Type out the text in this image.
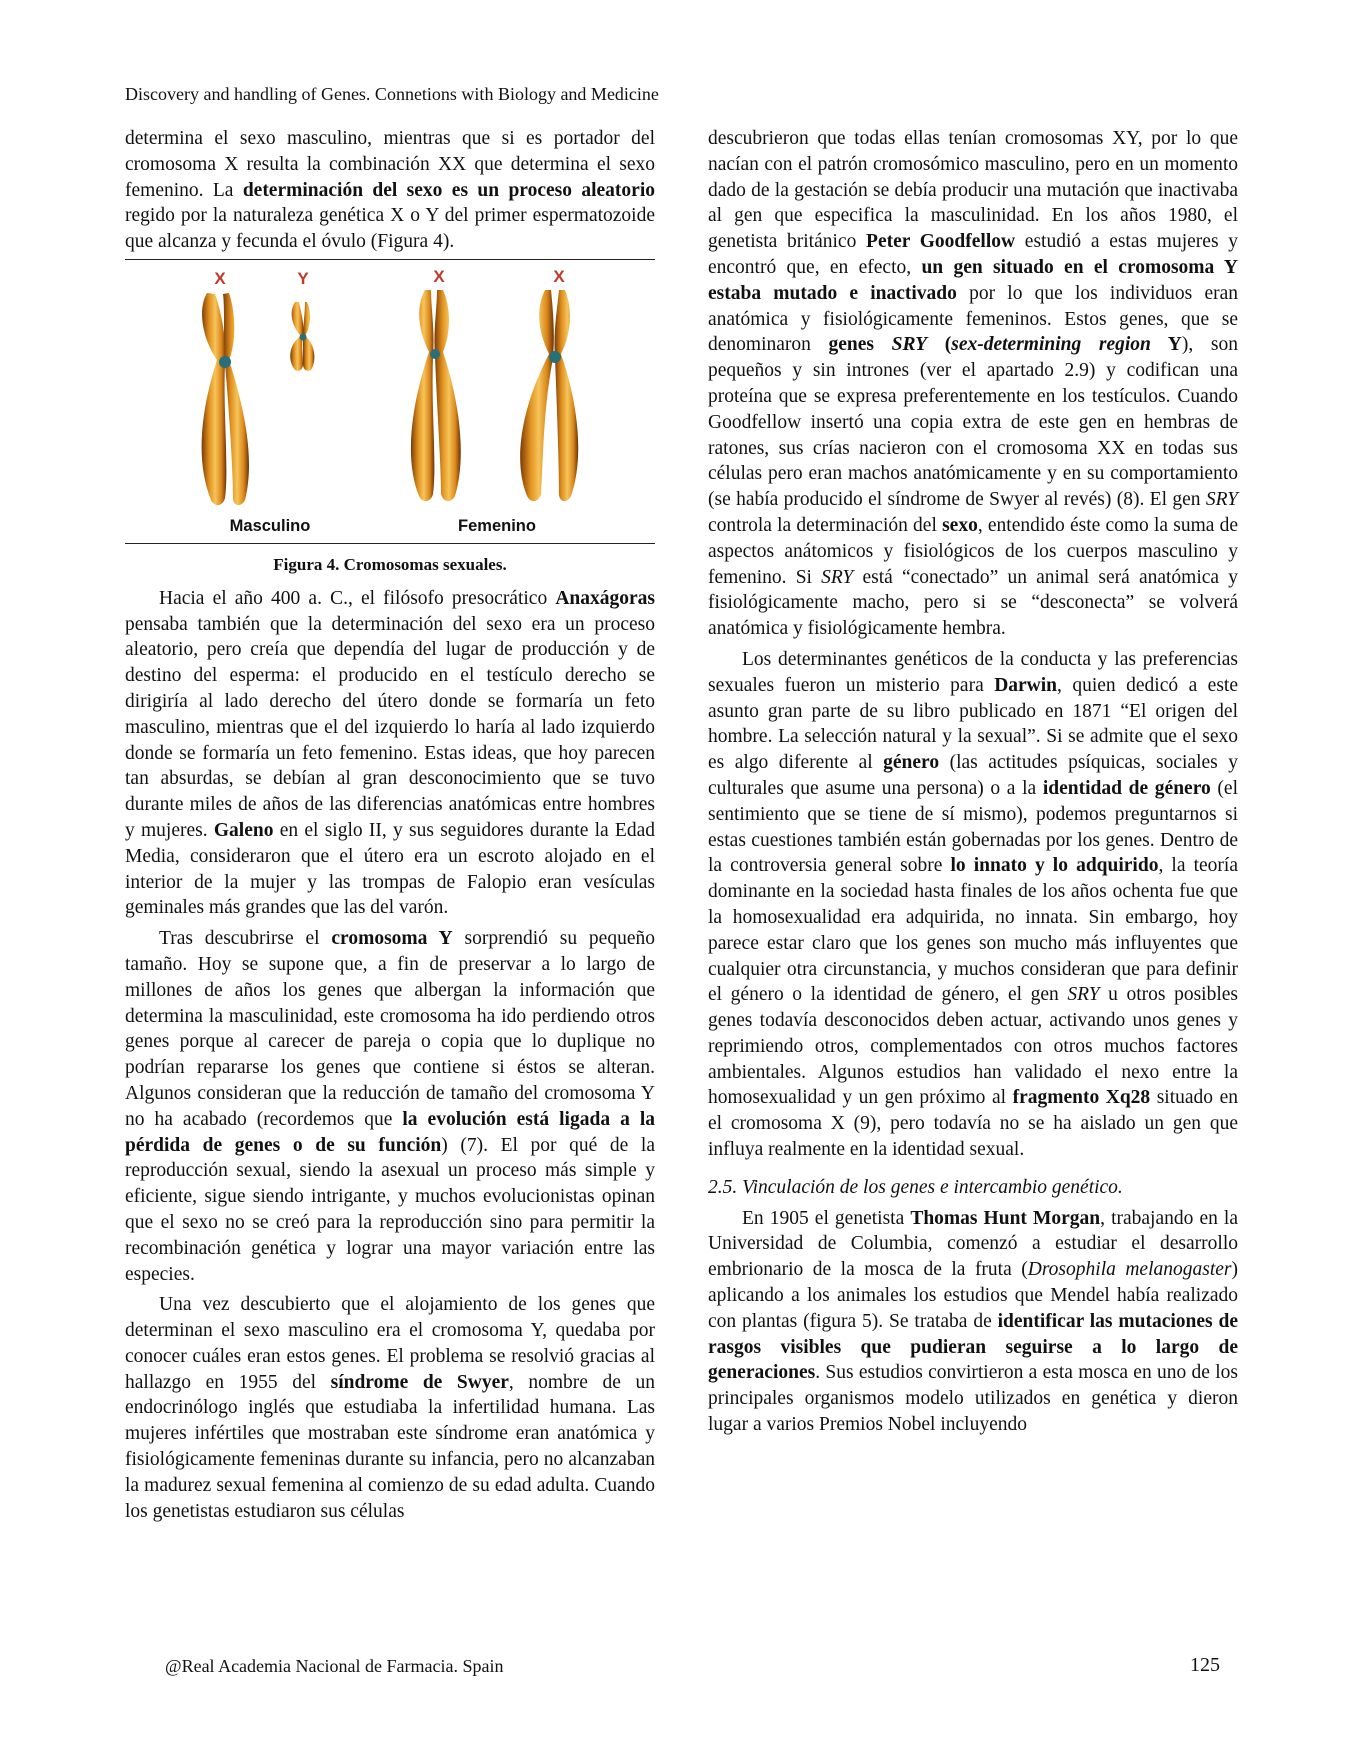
Discovery and handling of Genes. Connetions with Biology and Medicine

determina el sexo masculino, mientras que si es portador del cromosoma X resulta la combinación XX que determina el sexo femenino. La determinación del sexo es un proceso aleatorio regido por la naturaleza genética X o Y del primer espermatozoide que alcanza y fecunda el óvulo (Figura 4).

X	Y	X	X
Masculino	Femenino
Figura 4. Cromosomas sexuales.

Hacia el año 400 a. C., el filósofo presocrático Anaxágoras pensaba también que la determinación del sexo era un proceso aleatorio, pero creía que dependía del lugar de producción y de destino del esperma: el producido en el testículo derecho se dirigiría al lado derecho del útero donde se formaría un feto masculino, mientras que el del izquierdo lo haría al lado izquierdo donde se formaría un feto femenino. Estas ideas, que hoy parecen tan absurdas, se debían al gran desconocimiento que se tuvo durante miles de años de las diferencias anatómicas entre hombres y mujeres. Galeno en el siglo II, y sus seguidores durante la Edad Media, consideraron que el útero era un escroto alojado en el interior de la mujer y las trompas de Falopio eran vesículas geminales más grandes que las del varón.

Tras descubrirse el cromosoma Y sorprendió su pequeño tamaño. Hoy se supone que, a fin de preservar a lo largo de millones de años los genes que albergan la información que determina la masculinidad, este cromosoma ha ido perdiendo otros genes porque al carecer de pareja o copia que lo duplique no podrían repararse los genes que contiene si éstos se alteran. Algunos consideran que la reducción de tamaño del cromosoma Y no ha acabado (recordemos que la evolución está ligada a la pérdida de genes o de su función) (7). El por qué de la reproducción sexual, siendo la asexual un proceso más simple y eficiente, sigue siendo intrigante, y muchos evolucionistas opinan que el sexo no se creó para la reproducción sino para permitir la recombinación genética y lograr una mayor variación entre las especies.

Una vez descubierto que el alojamiento de los genes que determinan el sexo masculino era el cromosoma Y, quedaba por conocer cuáles eran estos genes. El problema se resolvió gracias al hallazgo en 1955 del síndrome de Swyer, nombre de un endocrinólogo inglés que estudiaba la infertilidad humana. Las mujeres infértiles que mostraban este síndrome eran anatómica y fisiológicamente femeninas durante su infancia, pero no alcanzaban la madurez sexual femenina al comienzo de su edad adulta. Cuando los genetistas estudiaron sus células

descubrieron que todas ellas tenían cromosomas XY, por lo que nacían con el patrón cromosómico masculino, pero en un momento dado de la gestación se debía producir una mutación que inactivaba al gen que especifica la masculinidad. En los años 1980, el genetista británico Peter Goodfellow estudió a estas mujeres y encontró que, en efecto, un gen situado en el cromosoma Y estaba mutado e inactivado por lo que los individuos eran anatómica y fisiológicamente femeninos. Estos genes, que se denominaron genes SRY (sex-determining region Y), son pequeños y sin intrones (ver el apartado 2.9) y codifican una proteína que se expresa preferentemente en los testículos. Cuando Goodfellow insertó una copia extra de este gen en hembras de ratones, sus crías nacieron con el cromosoma XX en todas sus células pero eran machos anatómicamente y en su comportamiento (se había producido el síndrome de Swyer al revés) (8). El gen SRY controla la determinación del sexo, entendido éste como la suma de aspectos anátomicos y fisiológicos de los cuerpos masculino y femenino. Si SRY está “conectado” un animal será anatómica y fisiológicamente macho, pero si se “desconecta” se volverá anatómica y fisiológicamente hembra.

Los determinantes genéticos de la conducta y las preferencias sexuales fueron un misterio para Darwin, quien dedicó a este asunto gran parte de su libro publicado en 1871 “El origen del hombre. La selección natural y la sexual”. Si se admite que el sexo es algo diferente al género (las actitudes psíquicas, sociales y culturales que asume una persona) o a la identidad de género (el sentimiento que se tiene de sí mismo), podemos preguntarnos si estas cuestiones también están gobernadas por los genes. Dentro de la controversia general sobre lo innato y lo adquirido, la teoría dominante en la sociedad hasta finales de los años ochenta fue que la homosexualidad era adquirida, no innata. Sin embargo, hoy parece estar claro que los genes son mucho más influyentes que cualquier otra circunstancia, y muchos consideran que para definir el género o la identidad de género, el gen SRY u otros posibles genes todavía desconocidos deben actuar, activando unos genes y reprimiendo otros, complementados con otros muchos factores ambientales. Algunos estudios han validado el nexo entre la homosexualidad y un gen próximo al fragmento Xq28 situado en el cromosoma X (9), pero todavía no se ha aislado un gen que influya realmente en la identidad sexual.

2.5. Vinculación de los genes e intercambio genético.

En 1905 el genetista Thomas Hunt Morgan, trabajando en la Universidad de Columbia, comenzó a estudiar el desarrollo embrionario de la mosca de la fruta (Drosophila melanogaster) aplicando a los animales los estudios que Mendel había realizado con plantas (figura 5). Se trataba de identificar las mutaciones de rasgos visibles que pudieran seguirse a lo largo de generaciones. Sus estudios convirtieron a esta mosca en uno de los principales organismos modelo utilizados en genética y dieron lugar a varios Premios Nobel incluyendo

@Real Academia Nacional de Farmacia. Spain	125
